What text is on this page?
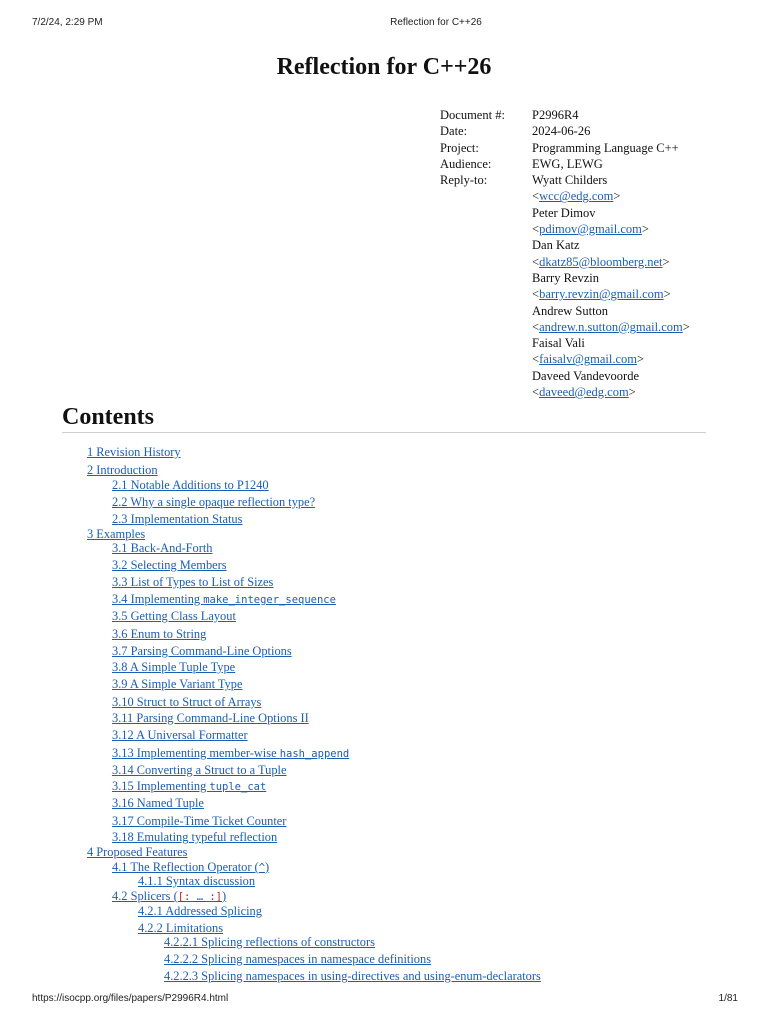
7/2/24, 2:29 PM	Reflection for C++26
Reflection for C++26
Document #:	P2996R4
Date:	2024-06-26
Project:	Programming Language C++
Audience:	EWG, LEWG
Reply-to:	Wyatt Childers
<wcc@edg.com>
Peter Dimov
<pdimov@gmail.com>
Dan Katz
<dkatz85@bloomberg.net>
Barry Revzin
<barry.revzin@gmail.com>
Andrew Sutton
<andrew.n.sutton@gmail.com>
Faisal Vali
<faisalv@gmail.com>
Daveed Vandevoorde
<daveed@edg.com>
Contents
1 Revision History
2 Introduction
2.1 Notable Additions to P1240
2.2 Why a single opaque reflection type?
2.3 Implementation Status
3 Examples
3.1 Back-And-Forth
3.2 Selecting Members
3.3 List of Types to List of Sizes
3.4 Implementing make_integer_sequence
3.5 Getting Class Layout
3.6 Enum to String
3.7 Parsing Command-Line Options
3.8 A Simple Tuple Type
3.9 A Simple Variant Type
3.10 Struct to Struct of Arrays
3.11 Parsing Command-Line Options II
3.12 A Universal Formatter
3.13 Implementing member-wise hash_append
3.14 Converting a Struct to a Tuple
3.15 Implementing tuple_cat
3.16 Named Tuple
3.17 Compile-Time Ticket Counter
3.18 Emulating typeful reflection
4 Proposed Features
4.1 The Reflection Operator (^)
4.1.1 Syntax discussion
4.2 Splicers ([: … :])
4.2.1 Addressed Splicing
4.2.2 Limitations
4.2.2.1 Splicing reflections of constructors
4.2.2.2 Splicing namespaces in namespace definitions
4.2.2.3 Splicing namespaces in using-directives and using-enum-declarators
https://isocpp.org/files/papers/P2996R4.html	1/81
